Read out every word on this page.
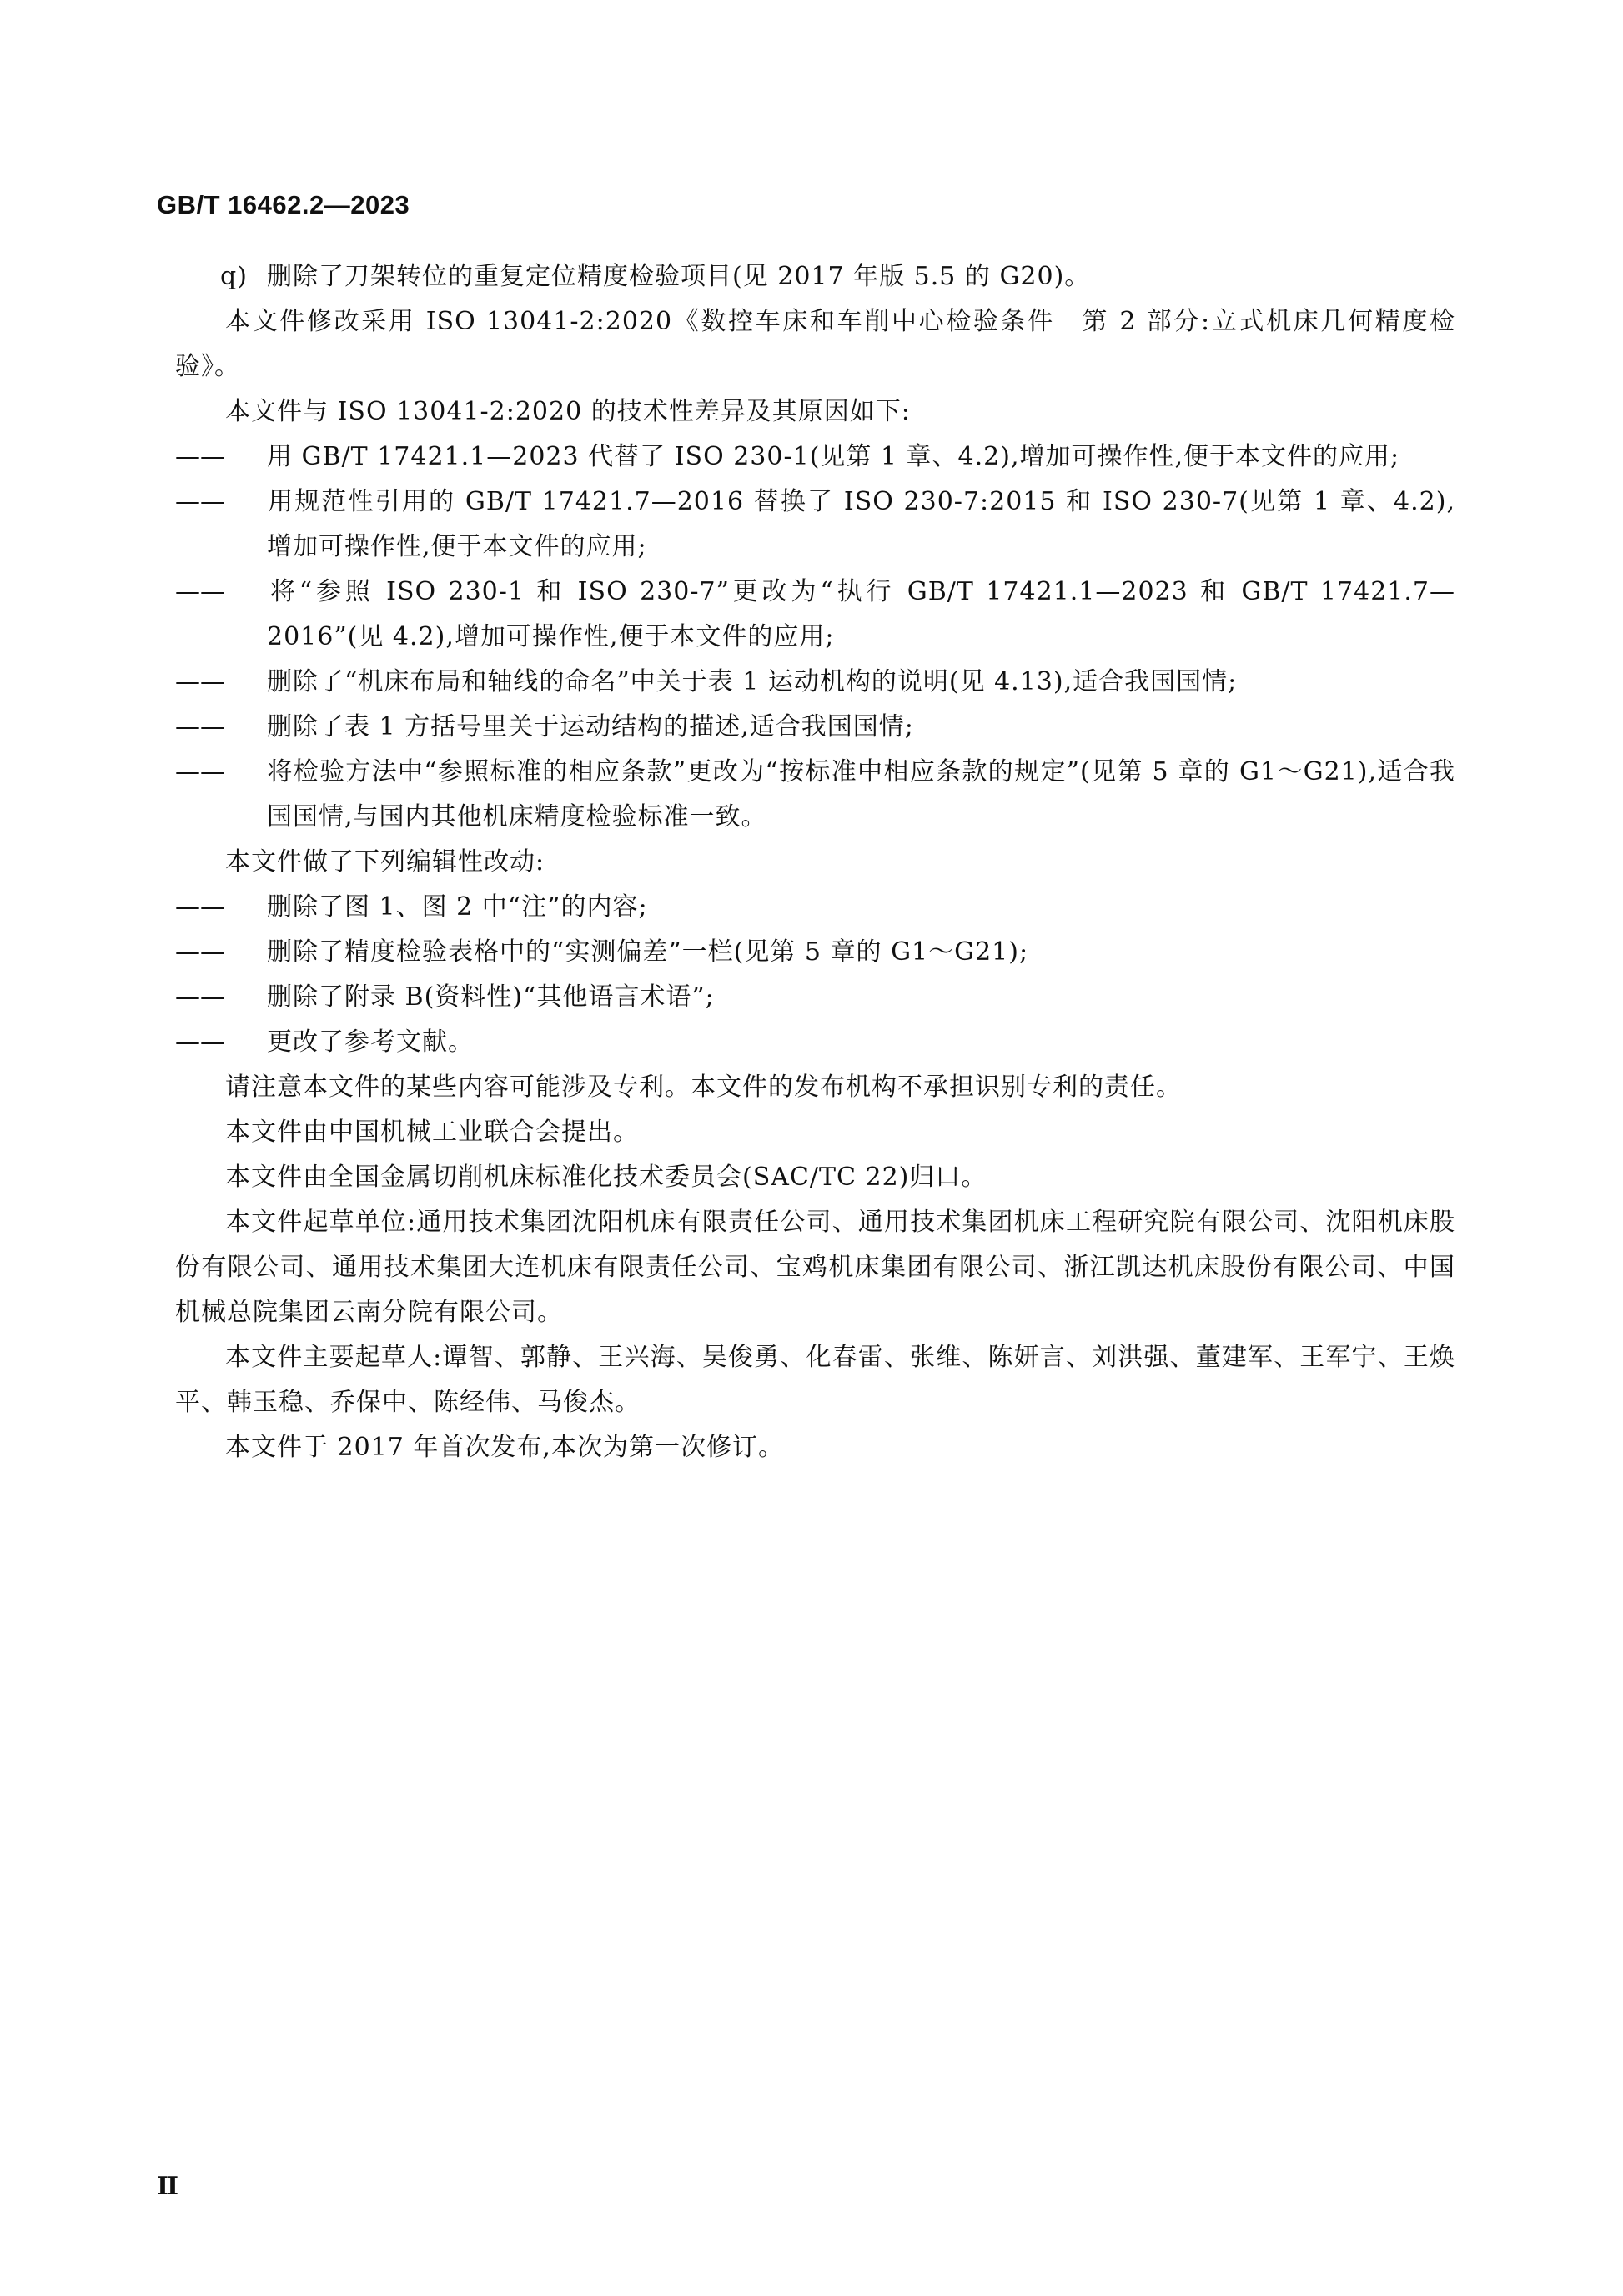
GB/T 16462.2—2023

q) 删除了刀架转位的重复定位精度检验项目(见 2017 年版 5.5 的 G20)。

本文件修改采用 ISO 13041-2:2020《数控车床和车削中心检验条件　第 2 部分:立式机床几何精度检验》。

本文件与 ISO 13041-2:2020 的技术性差异及其原因如下:

—— 用 GB/T 17421.1—2023 代替了 ISO 230-1(见第 1 章、4.2),增加可操作性,便于本文件的应用;

—— 用规范性引用的 GB/T 17421.7—2016 替换了 ISO 230-7:2015 和 ISO 230-7(见第 1 章、4.2),增加可操作性,便于本文件的应用;

—— 将“参照 ISO 230-1 和 ISO 230-7”更改为“执行 GB/T 17421.1—2023 和 GB/T 17421.7—2016”(见 4.2),增加可操作性,便于本文件的应用;

—— 删除了“机床布局和轴线的命名”中关于表 1 运动机构的说明(见 4.13),适合我国国情;

—— 删除了表 1 方括号里关于运动结构的描述,适合我国国情;

—— 将检验方法中“参照标准的相应条款”更改为“按标准中相应条款的规定”(见第 5 章的 G1～G21),适合我国国情,与国内其他机床精度检验标准一致。

本文件做了下列编辑性改动:

—— 删除了图 1、图 2 中“注”的内容;

—— 删除了精度检验表格中的“实测偏差”一栏(见第 5 章的 G1～G21);

—— 删除了附录 B(资料性)“其他语言术语”;

—— 更改了参考文献。

请注意本文件的某些内容可能涉及专利。本文件的发布机构不承担识别专利的责任。

本文件由中国机械工业联合会提出。

本文件由全国金属切削机床标准化技术委员会(SAC/TC 22)归口。

本文件起草单位:通用技术集团沈阳机床有限责任公司、通用技术集团机床工程研究院有限公司、沈阳机床股份有限公司、通用技术集团大连机床有限责任公司、宝鸡机床集团有限公司、浙江凯达机床股份有限公司、中国机械总院集团云南分院有限公司。

本文件主要起草人:谭智、郭静、王兴海、吴俊勇、化春雷、张维、陈妍言、刘洪强、董建军、王军宁、王焕平、韩玉稳、乔保中、陈经伟、马俊杰。

本文件于 2017 年首次发布,本次为第一次修订。

II
